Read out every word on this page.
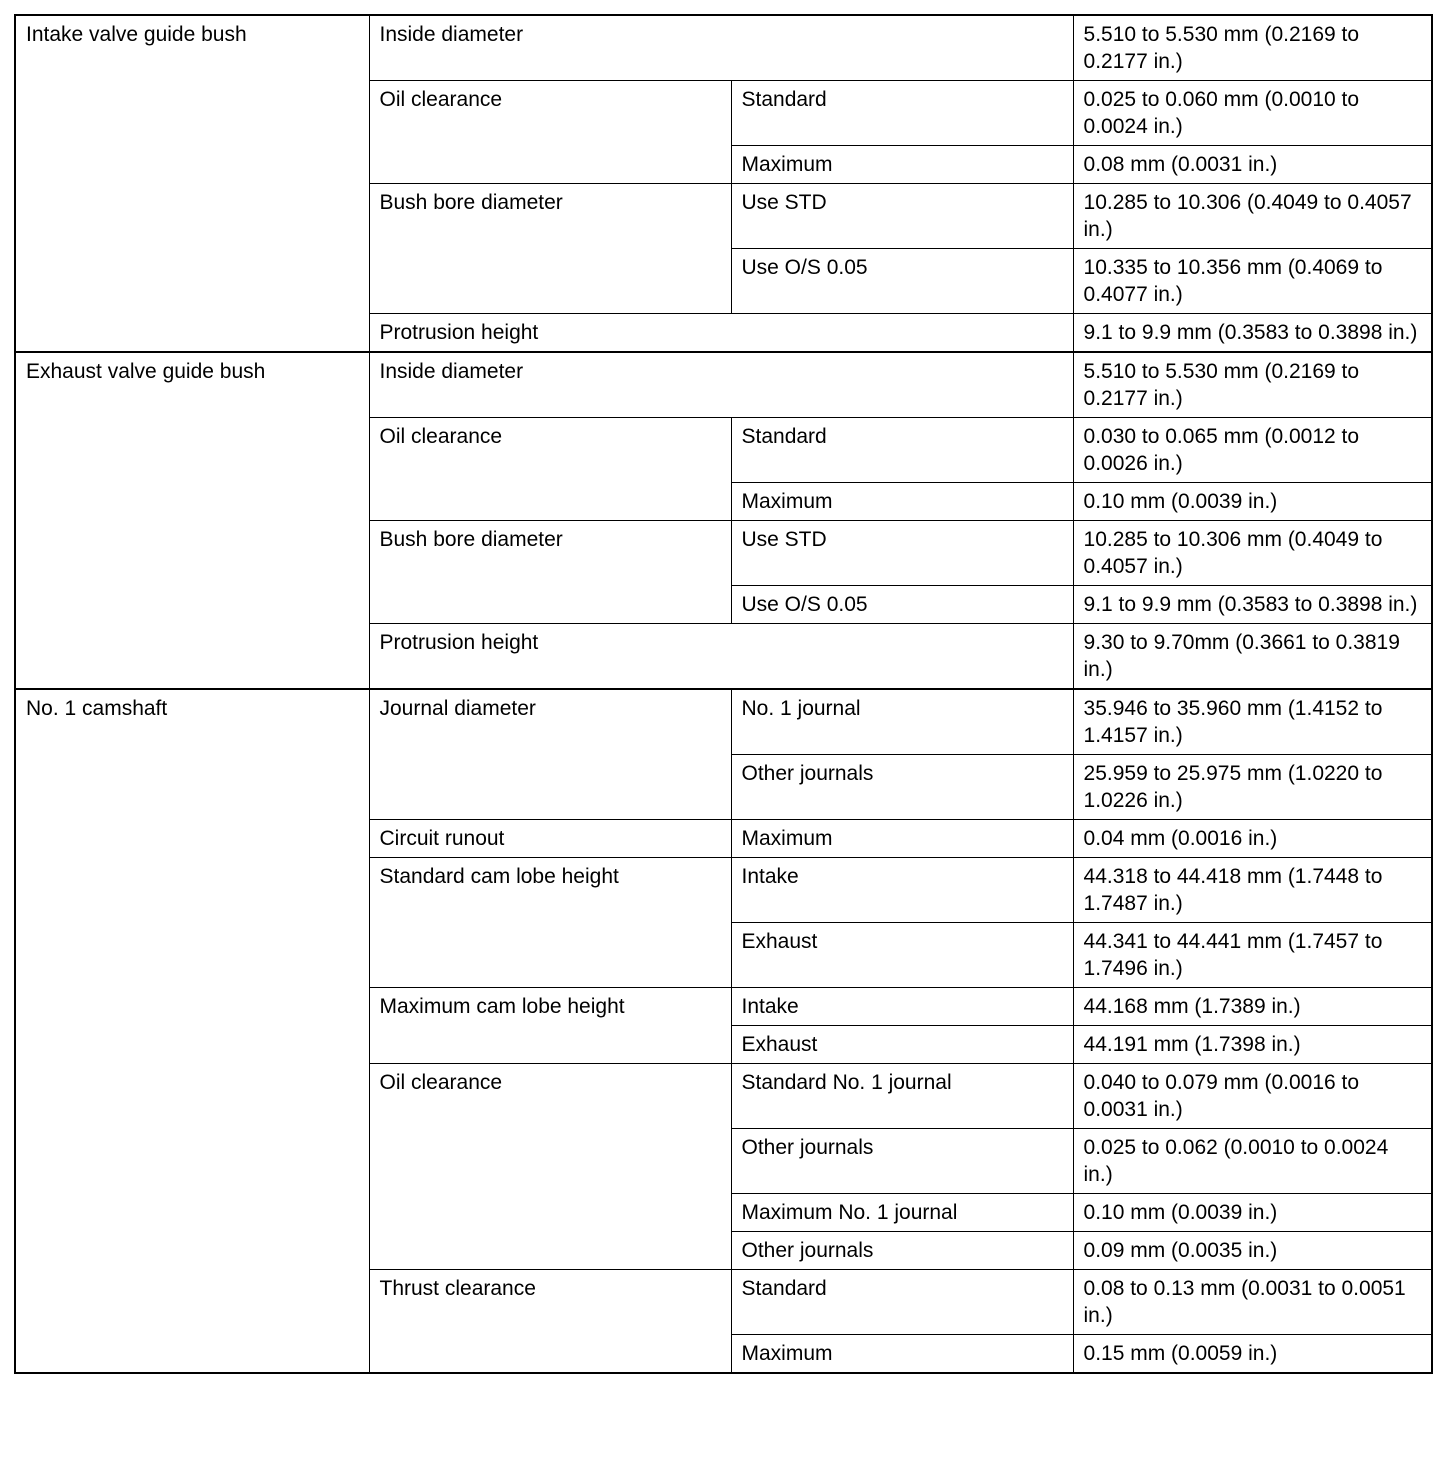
Intake valve guide bush	Inside diameter		5.510 to 5.530 mm (0.2169 to 0.2177 in.)
	Oil clearance	Standard	0.025 to 0.060 mm (0.0010 to 0.0024 in.)
		Maximum	0.08 mm (0.0031 in.)
	Bush bore diameter	Use STD	10.285 to 10.306 (0.4049 to 0.4057 in.)
		Use O/S 0.05	10.335 to 10.356 mm (0.4069 to 0.4077 in.)
	Protrusion height		9.1 to 9.9 mm (0.3583 to 0.3898 in.)
Exhaust valve guide bush	Inside diameter		5.510 to 5.530 mm (0.2169 to 0.2177 in.)
	Oil clearance	Standard	0.030 to 0.065 mm (0.0012 to 0.0026 in.)
		Maximum	0.10 mm (0.0039 in.)
	Bush bore diameter	Use STD	10.285 to 10.306 mm (0.4049 to 0.4057 in.)
		Use O/S 0.05	9.1 to 9.9 mm (0.3583 to 0.3898 in.)
	Protrusion height		9.30 to 9.70mm (0.3661 to 0.3819 in.)
No. 1 camshaft	Journal diameter	No. 1 journal	35.946 to 35.960 mm (1.4152 to 1.4157 in.)
		Other journals	25.959 to 25.975 mm (1.0220 to 1.0226 in.)
	Circuit runout	Maximum	0.04 mm (0.0016 in.)
	Standard cam lobe height	Intake	44.318 to 44.418 mm (1.7448 to 1.7487 in.)
		Exhaust	44.341 to 44.441 mm (1.7457 to 1.7496 in.)
	Maximum cam lobe height	Intake	44.168 mm (1.7389 in.)
		Exhaust	44.191 mm (1.7398 in.)
	Oil clearance	Standard No. 1 journal	0.040 to 0.079 mm (0.0016 to 0.0031 in.)
		Other journals	0.025 to 0.062 (0.0010 to 0.0024 in.)
		Maximum No. 1 journal	0.10 mm (0.0039 in.)
		Other journals	0.09 mm (0.0035 in.)
	Thrust clearance	Standard	0.08 to 0.13 mm (0.0031 to 0.0051 in.)
		Maximum	0.15 mm (0.0059 in.)
